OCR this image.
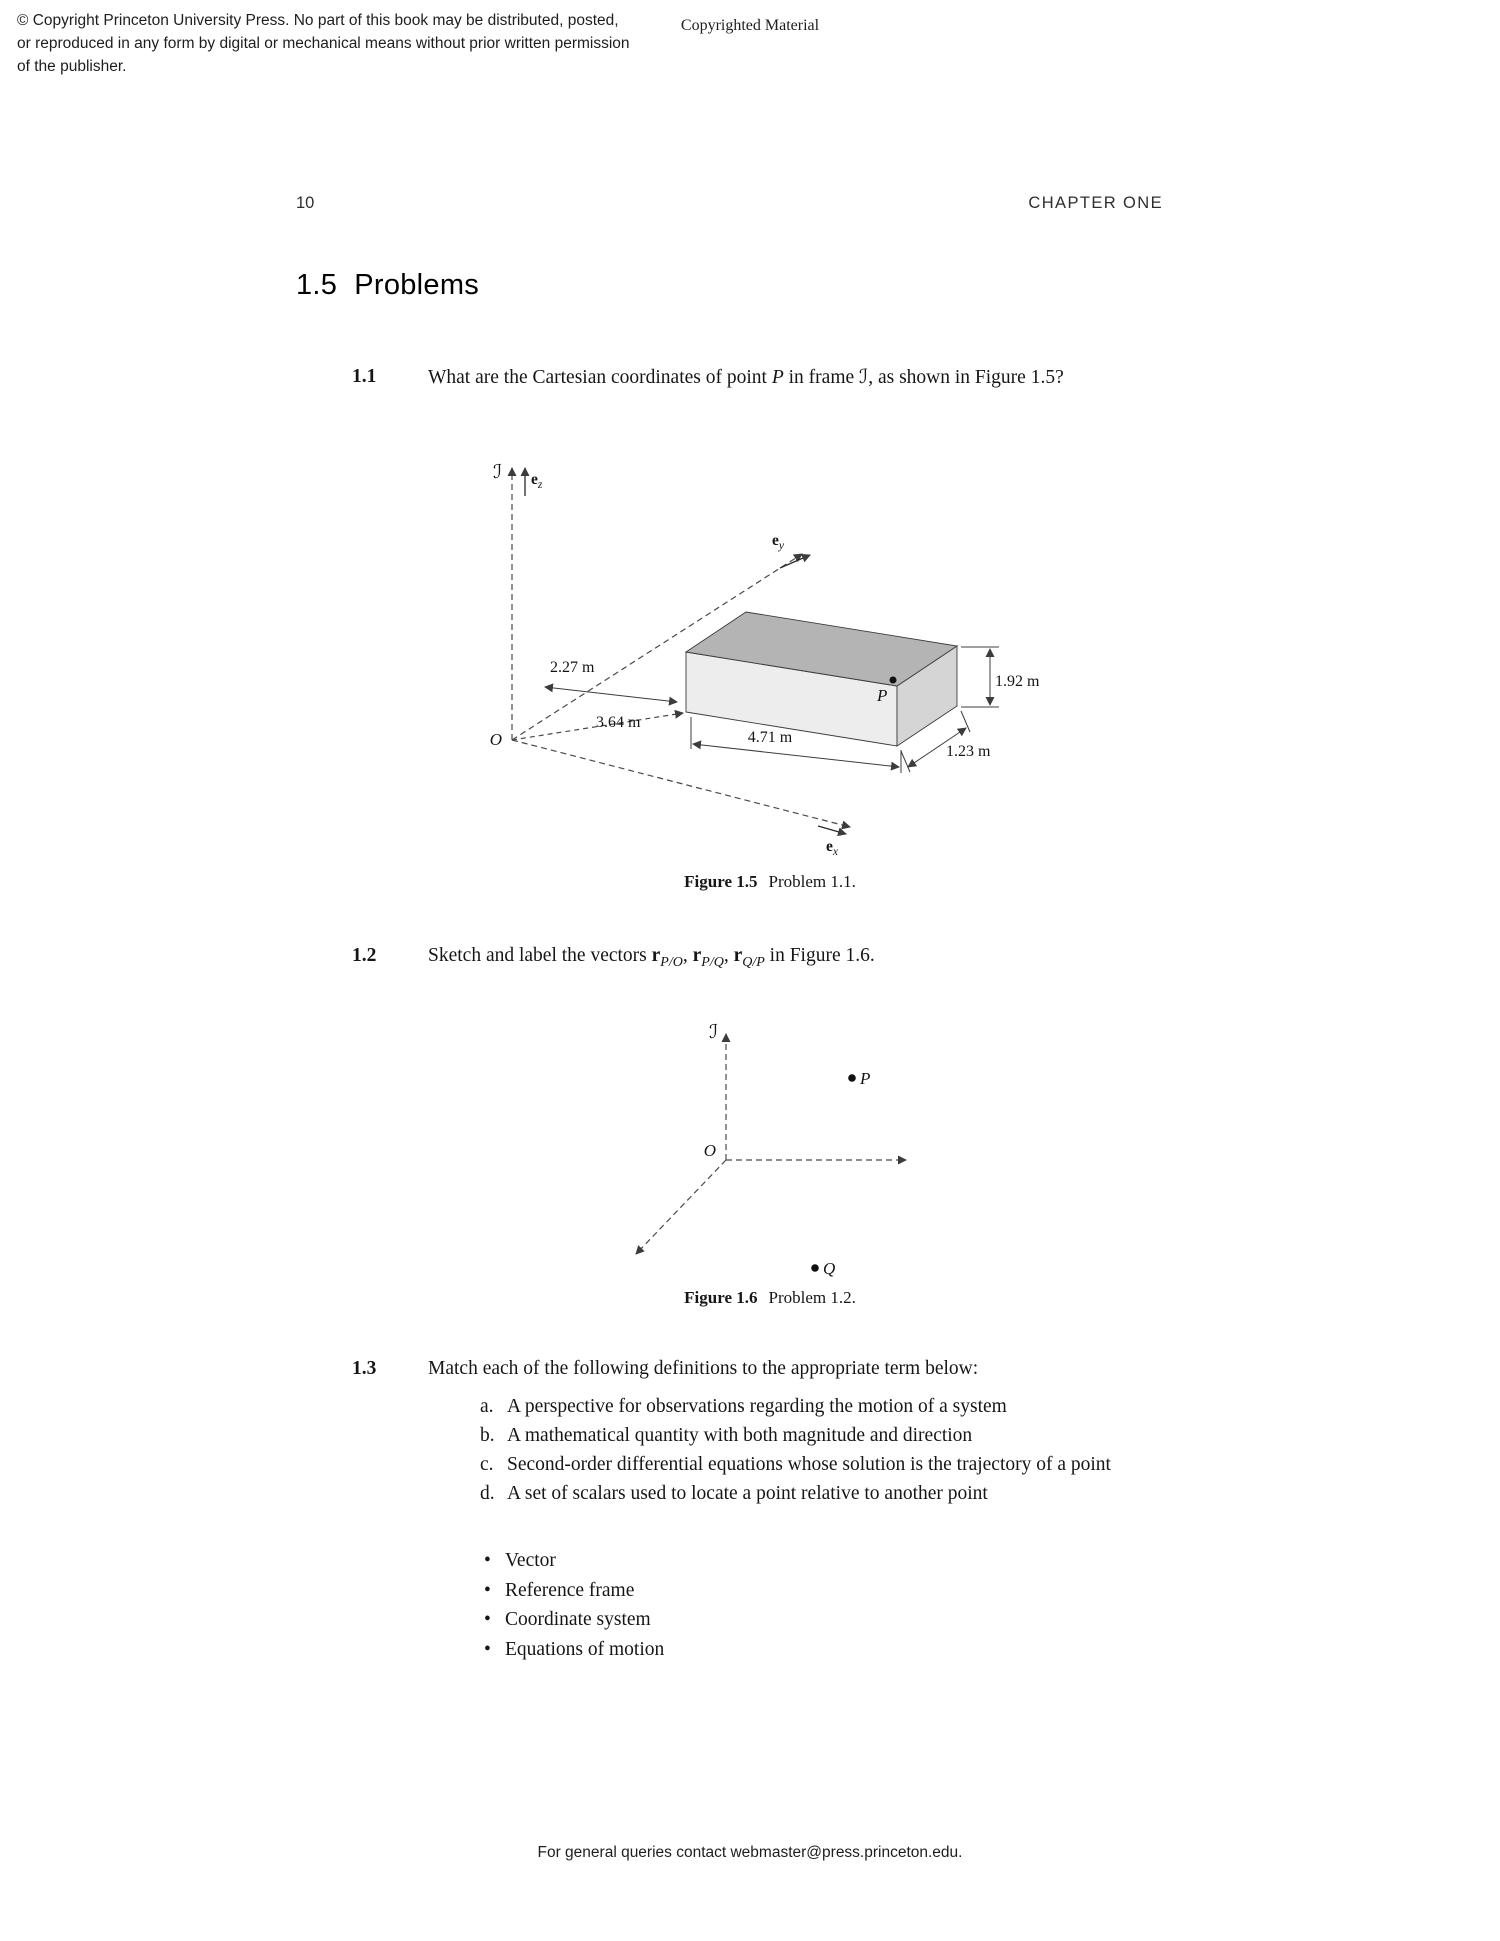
© Copyright Princeton University Press. No part of this book may be distributed, posted, or reproduced in any form by digital or mechanical means without prior written permission of the publisher.
Copyrighted Material
10	CHAPTER ONE
1.5 Problems
1.1	What are the Cartesian coordinates of point P in frame ℐ, as shown in Figure 1.5?
2.27 m
3.64 m
4.71 m
1.23 m
1.92 m
ℐ $e_z$
$e_y$
$e_x$
O
P
Figure 1.5 Problem 1.1.
1.2	Sketch and label the vectors $r_{P/O}$, $r_{P/Q}$, $r_{Q/P}$ in Figure 1.6.
ℐ
O
P
Q
Figure 1.6 Problem 1.2.
1.3	Match each of the following definitions to the appropriate term below:
a. A perspective for observations regarding the motion of a system
b. A mathematical quantity with both magnitude and direction
c. Second-order differential equations whose solution is the trajectory of a point
d. A set of scalars used to locate a point relative to another point
• Vector
• Reference frame
• Coordinate system
• Equations of motion
For general queries contact webmaster@press.princeton.edu.
